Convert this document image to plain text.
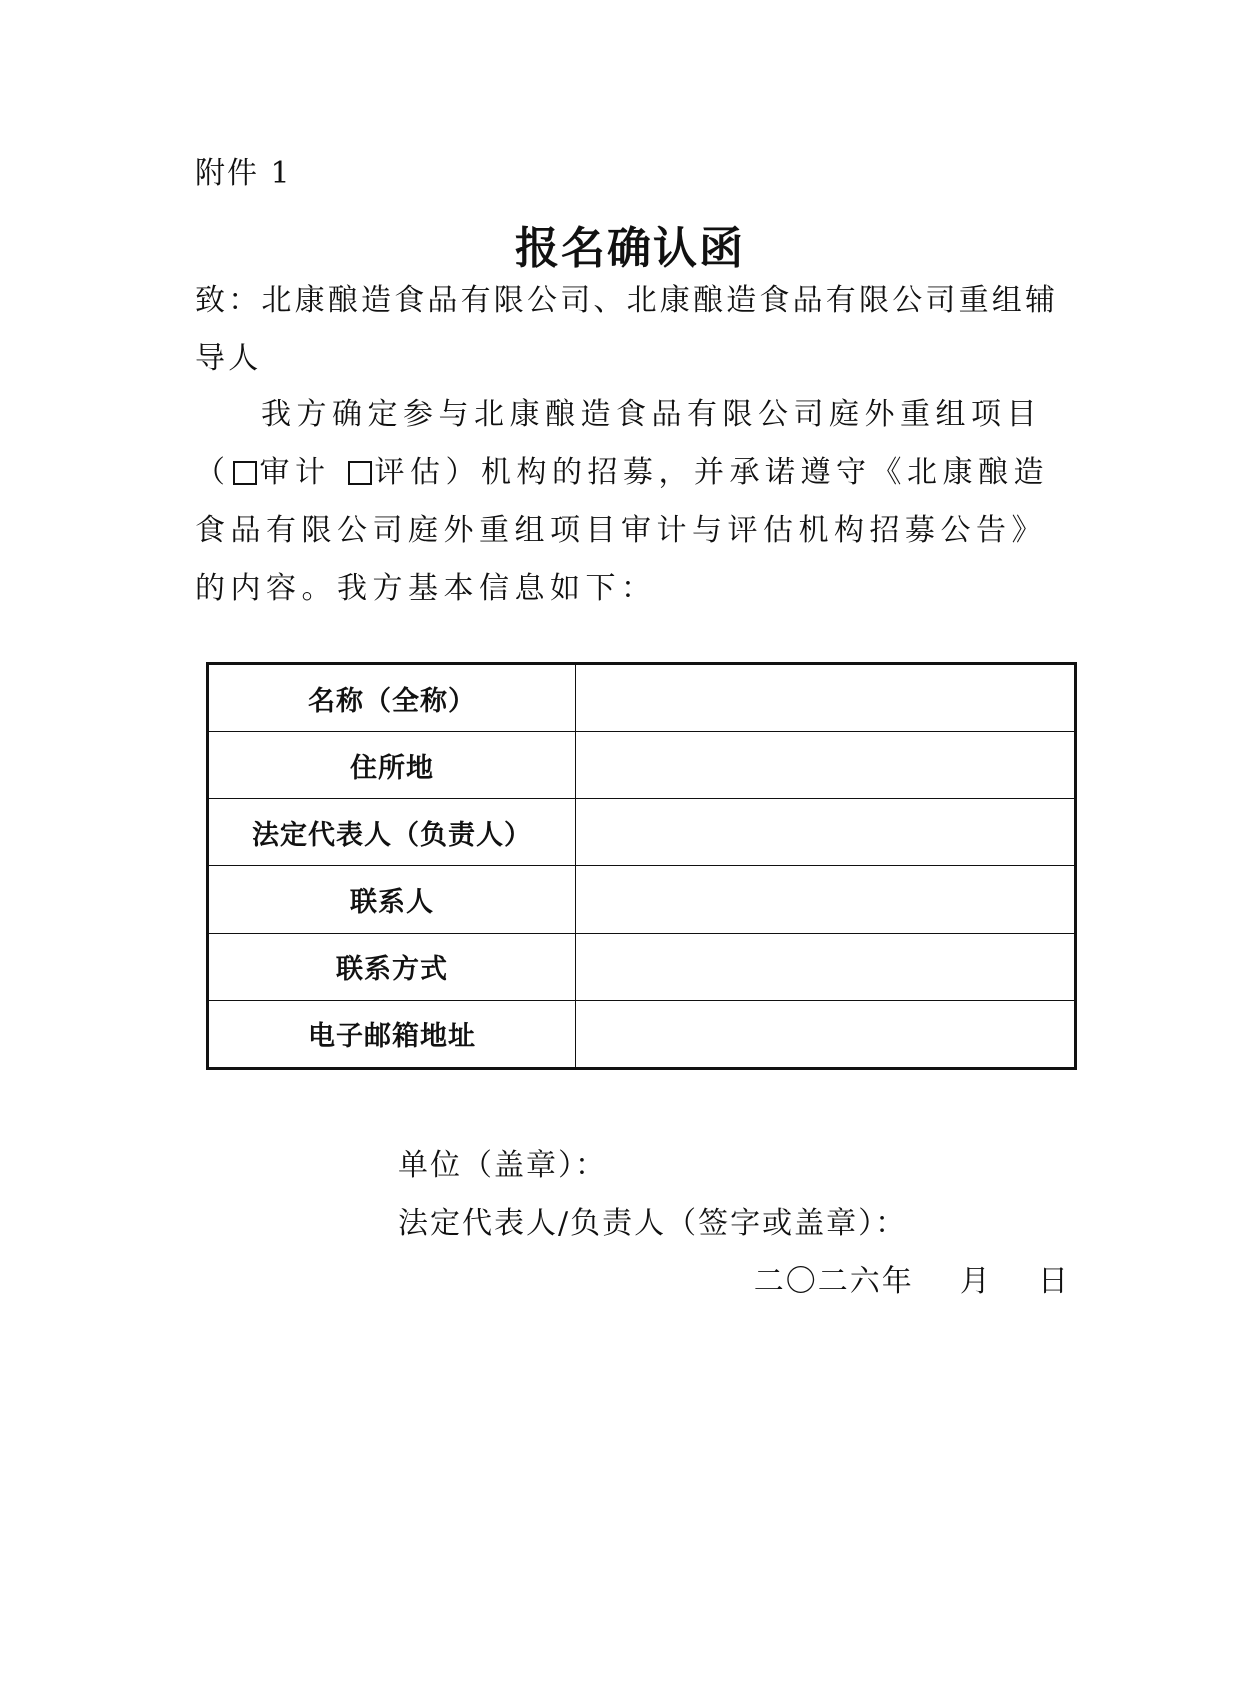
附件 1

报名确认函

致：北康酿造食品有限公司、北康酿造食品有限公司重组辅导人

我方确定参与北康酿造食品有限公司庭外重组项目（ 审计 评估）机构的招募，并承诺遵守《北康酿造食品有限公司庭外重组项目审计与评估机构招募公告》的内容。我方基本信息如下：

名称（全称）	
住所地	
法定代表人（负责人）	
联系人	
联系方式	
电子邮箱地址	

单位（盖章）：

法定代表人/负责人（签字或盖章）：

二〇二六年    月    日
